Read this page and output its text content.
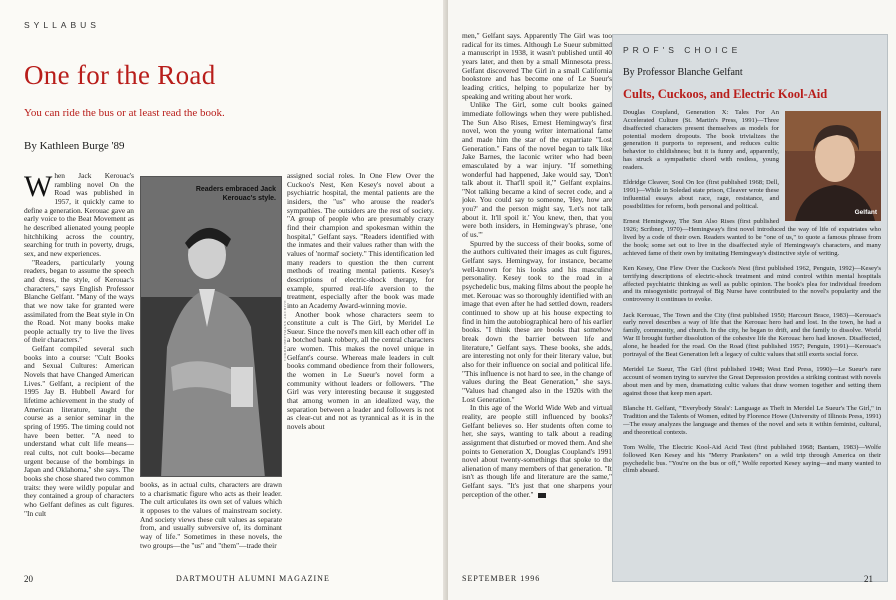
SYLLABUS
One for the Road
You can ride the bus or at least read the book.
By Kathleen Burge '89

When Jack Kerouac's rambling novel On the Road was published in 1957, it quickly came to define a generation. Kerouac gave an early voice to the Beat Movement as he described alienated young people hitchhiking across the country, searching for truth in poverty, drugs, sex, and new experiences.

"Readers, particularly young readers, began to assume the speech and dress, the style, of Kerouac's characters," says English Professor Blanche Gelfant. "Many of the ways that we now take for granted were assimilated from the Beat style in On the Road. Not many books make people actually try to live the lives of their characters."

Gelfant compiled several such books into a course: "Cult Books and Sexual Cultures: American Novels that have Changed American Lives." Gelfant, a recipient of the 1995 Jay B. Hubbell Award for lifetime achievement in the study of American literature, taught the course as a senior seminar in the spring of 1995. The timing could not have been better. "A need to understand what cult life means—real cults, not cult books—became urgent because of the bombings in Japan and Oklahoma," she says. The books she chose shared two common traits: they were wildly popular and they contained a group of characters who Gelfant defines as cult figures. "In cult

Readers embraced Jack Kerouac's style.
CORBIS/BETTMANN ARCHIVE

books, as in actual cults, characters are drawn to a charismatic figure who acts as their leader. The cult articulates its own set of values which it opposes to the values of mainstream society. And society views these cult values as separate from, and usually subversive of, its dominant way of life." Sometimes in these novels, the two groups—the "us" and "them"—trade their

assigned social roles. In One Flew Over the Cuckoo's Nest, Ken Kesey's novel about a psychiatric hospital, the mental patients are the insiders, the "us" who arouse the reader's sympathies. The outsiders are the rest of society. "A group of people who are presumably crazy find their champion and spokesman within the hospital," Gelfant says. "Readers identified with the inmates and their values rather than with the values of 'normal' society." This identification led many readers to question the then current methods of treating mental patients. Kesey's descriptions of electric-shock therapy, for example, spurred real-life aversion to the treatment, especially after the book was made into an Academy Award-winning movie.

Another book whose characters seem to constitute a cult is The Girl, by Meridel Le Sueur. Since the novel's men kill each other off in a botched bank robbery, all the central characters are women. This makes the novel unique in Gelfant's course. Whereas male leaders in cult books command obedience from their followers, the women in Le Sueur's novel form a community without leaders or followers. "The Girl was very interesting because it suggested that among women in an idealized way, the separation between a leader and followers is not as clear-cut and not as tyrannical as it is in the novels about

20	DARTMOUTH ALUMNI MAGAZINE

men," Gelfant says. Apparently The Girl was too radical for its times. Although Le Sueur submitted a manuscript in 1938, it wasn't published until 40 years later, and then by a small Minnesota press. Gelfant discovered The Girl in a small California bookstore and has become one of Le Sueur's leading critics, helping to popularize her by speaking and writing about her work.

Unlike The Girl, some cult books gained immediate followings when they were published. The Sun Also Rises, Ernest Hemingway's first novel, won the young writer international fame and made him the star of the expatriate "Lost Generation." Fans of the novel began to talk like Jake Barnes, the laconic writer who had been emasculated by a war injury. "If something wonderful had happened, Jake would say, 'Don't talk about it. That'll spoil it,'" Gelfant explains. "Not talking became a kind of secret code, and a joke. You could say to someone, 'Hey, how are you?' and the person might say, 'Let's not talk about it. It'll spoil it.' You knew, then, that you were both insiders, in Hemingway's phrase, 'one of us.'"

Spurred by the success of their books, some of the authors cultivated their images as cult figures, Gelfant says. Hemingway, for instance, became well-known for his looks and his masculine personality. Kesey took to the road in a psychedelic bus, making films about the people he met. Kerouac was so thoroughly identified with an image that even after he had settled down, readers continued to show up at his house expecting to find in him the autobiographical hero of his earlier books. "I think these are books that somehow break down the barrier between life and literature," Gelfant says. These books, she adds, are interesting not only for their literary value, but also for their influence on social and political life. "This influence is not hard to see, in the change of values during the Beat Generation," she says. "Values had changed also in the 1920s with the Lost Generation."

In this age of the World Wide Web and virtual reality, are people still influenced by books? Gelfant believes so. Her students often come to her, she says, wanting to talk about a reading assignment that disturbed or moved them. And she points to Generation X, Douglas Coupland's 1991 novel about twenty-somethings that spoke to the alienation of many members of that generation. "It isn't as though life and literature are the same," Gelfant says. "It's just that one sharpens your perception of the other."

PROF'S CHOICE
By Professor Blanche Gelfant
Cults, Cuckoos, and Electric Kool-Aid
Gelfant

Douglas Coupland, Generation X: Tales For An Accelerated Culture (St. Martin's Press, 1991)—Three disaffected characters present themselves as models for potential modern dropouts. The book trivializes the generation it purports to represent, and reduces cultic behavior to childishness; but it is funny and, apparently, has struck a sympathetic chord with restless, young readers.

Eldridge Cleaver, Soul On Ice (first published 1968; Dell, 1991)—While in Soledad state prison, Cleaver wrote these influential essays about race, rage, resistance, and possibilities for reform, both personal and political.

Ernest Hemingway, The Sun Also Rises (first published 1926; Scribner, 1970)—Hemingway's first novel introduced the way of life of expatriates who lived by a code of their own. Readers wanted to be "one of us," to quote a famous phrase from the book; some set out to live in the disaffected style of Hemingway's characters, and many achieved fame of their own by imitating Hemingway's distinctive style of writing.

Ken Kesey, One Flew Over the Cuckoo's Nest (first published 1962, Penguin, 1992)—Kesey's terrifying descriptions of electric-shock treatment and mind control within mental hospitals affected psychiatric thinking as well as public opinion. The book's plea for individual freedom and its misogynistic portrayal of Big Nurse have contributed to the novel's popularity and the controversy it continues to evoke.

Jack Kerouac, The Town and the City (first published 1950; Harcourt Brace, 1983)—Kerouac's early novel describes a way of life that the Kerouac hero had and lost. In the town, he had a family, community, and church. In the city, he began to drift, and the family to dissolve. World War II brought further dissolution of the cohesive life the Kerouac hero had known. Disaffected, alone, he headed for the road. On the Road (first published 1957; Penguin, 1991)—Kerouac's portrayal of the Beat Generation left a legacy of cultic values that still exerts social force.

Meridel Le Sueur, The Girl (first published 1948; West End Press, 1990)—Le Sueur's rare account of women trying to survive the Great Depression provides a striking contrast with novels about men and by men, dramatizing cultic values that draw women together and setting them against those that keep men apart.

Blanche H. Gelfant, "'Everybody Steals': Language as Theft in Meridel Le Sueur's The Girl," in Tradition and the Talents of Women, edited by Florence Howe (University of Illinois Press, 1991)—The essay analyzes the language and themes of the novel and sets it within feminist, cultural, and theoretical contexts.

Tom Wolfe, The Electric Kool-Aid Acid Test (first published 1968; Bantam, 1983)—Wolfe followed Ken Kesey and his "Merry Pranksters" on a wild trip through America on their psychedelic bus. "You're on the bus or off," Wolfe reported Kesey saying—and many wanted to climb aboard.

SEPTEMBER 1996	21
